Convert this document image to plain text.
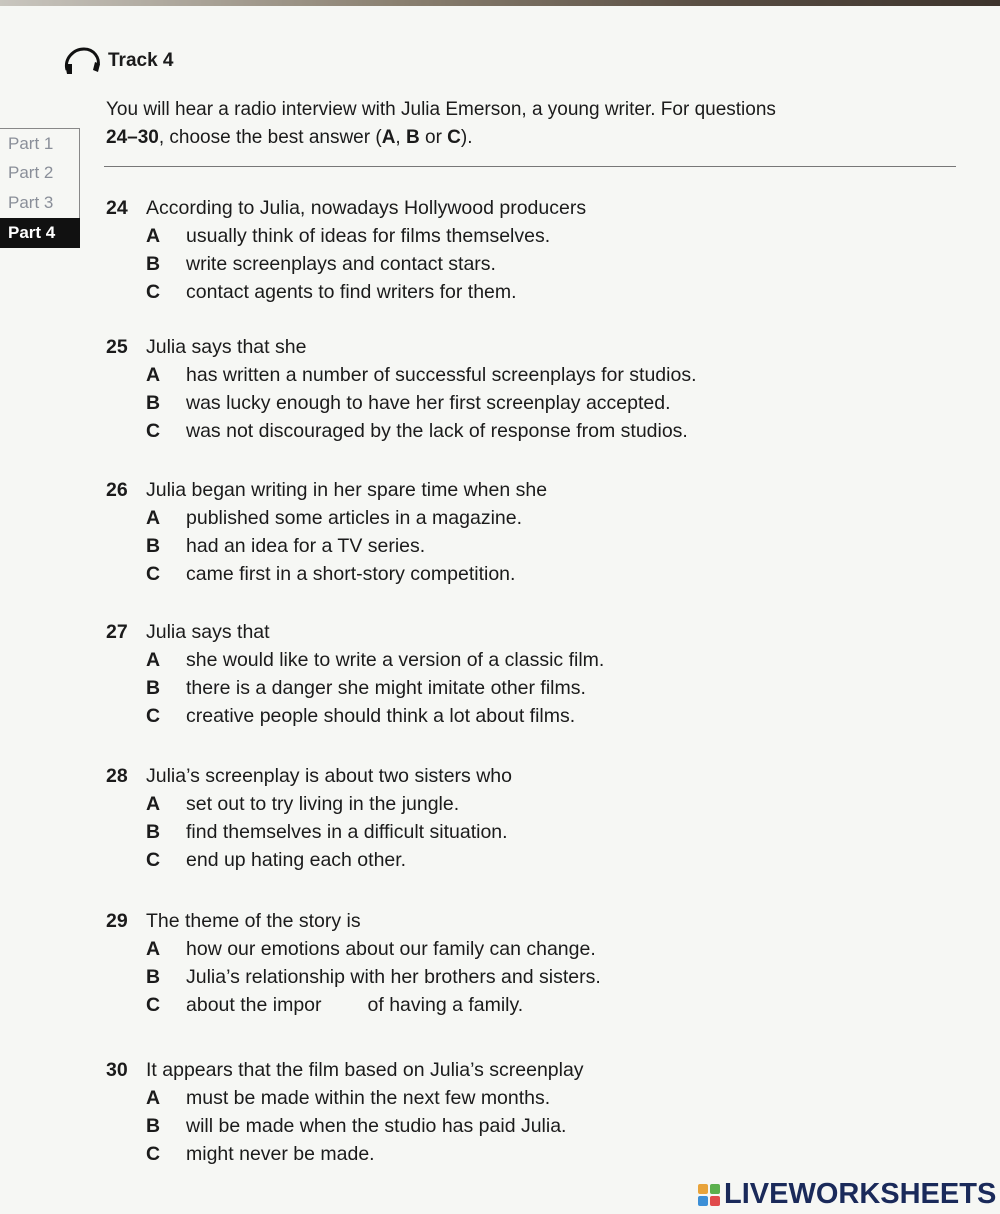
Track 4
You will hear a radio interview with Julia Emerson, a young writer. For questions
24–30, choose the best answer (A, B or C).
Part 1
Part 2
Part 3
Part 4
24 According to Julia, nowadays Hollywood producers
A	usually think of ideas for films themselves.
B	write screenplays and contact stars.
C	contact agents to find writers for them.
25 Julia says that she
A	has written a number of successful screenplays for studios.
B	was lucky enough to have her first screenplay accepted.
C	was not discouraged by the lack of response from studios.
26 Julia began writing in her spare time when she
A	published some articles in a magazine.
B	had an idea for a TV series.
C	came first in a short-story competition.
27 Julia says that
A	she would like to write a version of a classic film.
B	there is a danger she might imitate other films.
C	creative people should think a lot about films.
28 Julia’s screenplay is about two sisters who
A	set out to try living in the jungle.
B	find themselves in a difficult situation.
C	end up hating each other.
29 The theme of the story is
A	how our emotions about our family can change.
B	Julia’s relationship with her brothers and sisters.
C	about the impor of having a family.
30 It appears that the film based on Julia’s screenplay
A	must be made within the next few months.
B	will be made when the studio has paid Julia.
C	might never be made.
LIVEWORKSHEETS
